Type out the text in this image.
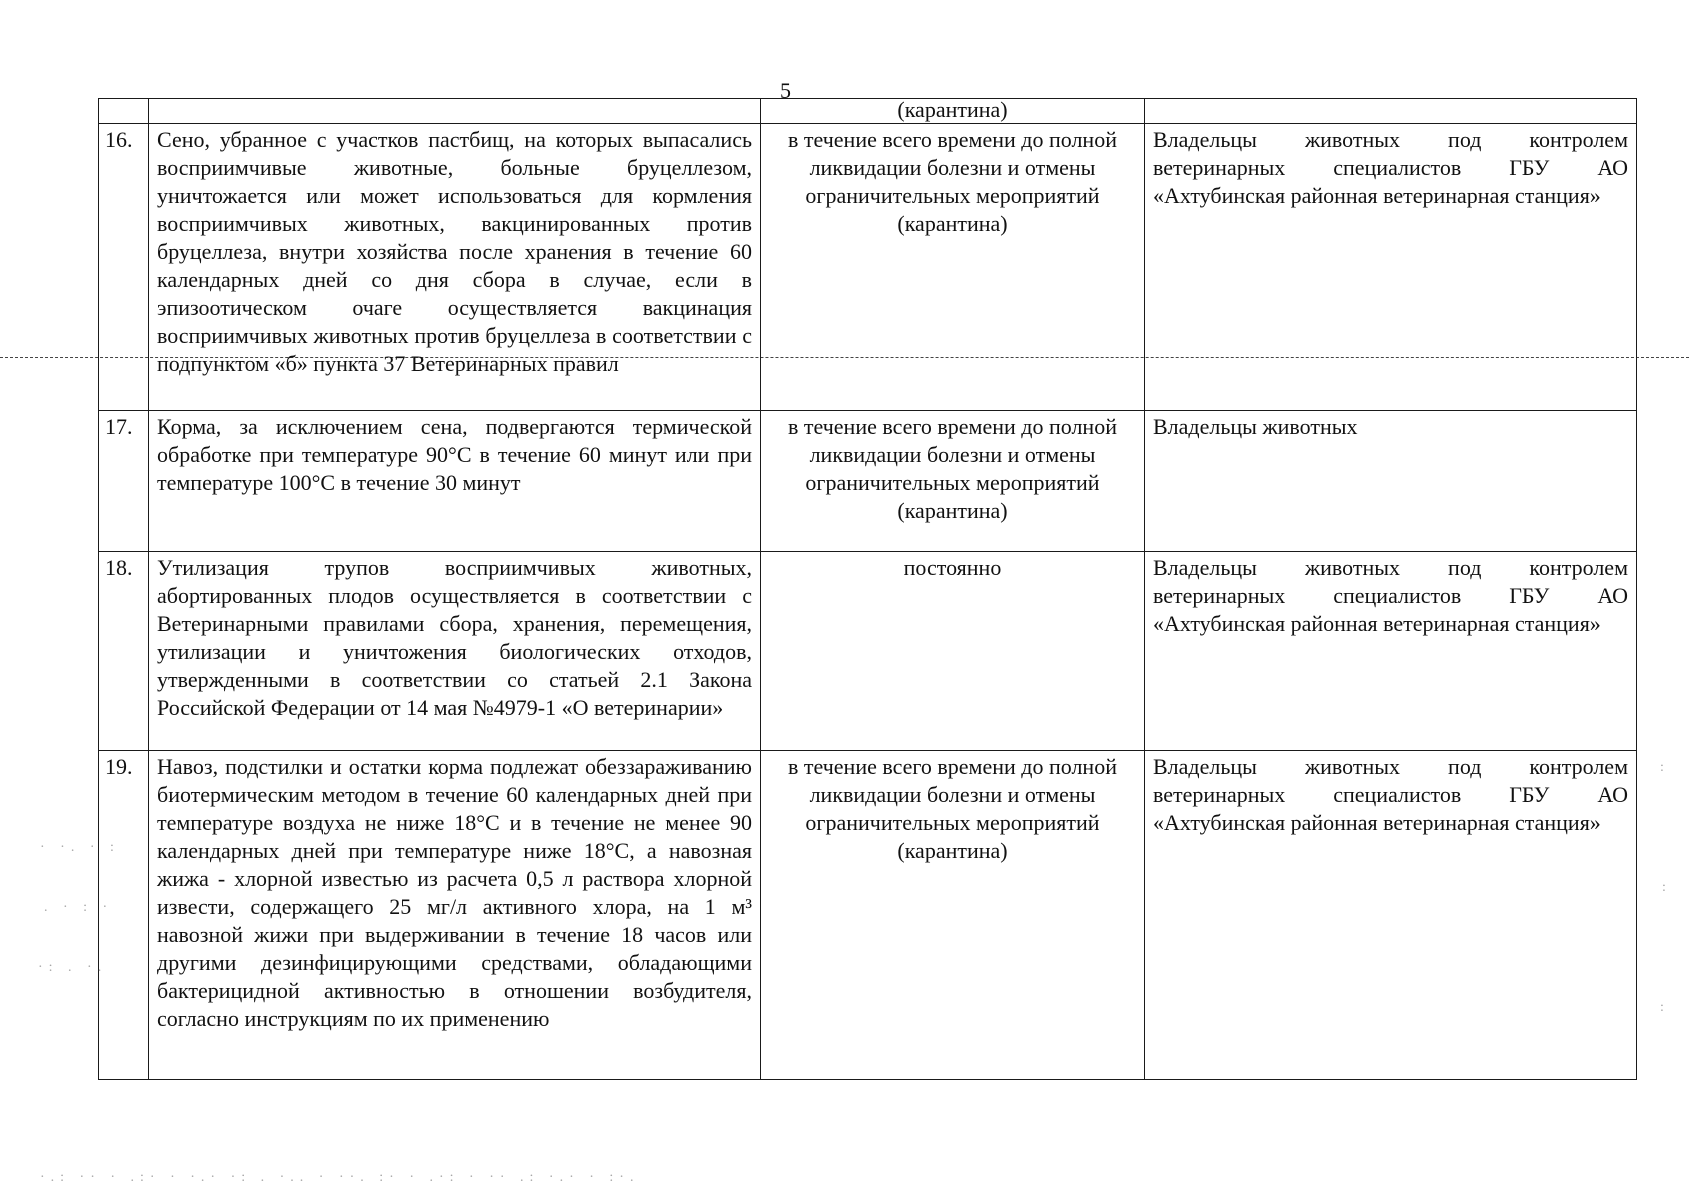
5
		(карантина)	
16.	Сено, убранное с участков пастбищ, на которых выпасались восприимчивые животные, больные бруцеллезом, уничтожается или может использоваться для кормления восприимчивых животных, вакцинированных против бруцеллеза, внутри хозяйства после хранения в течение 60 календарных дней со дня сбора в случае, если в эпизоотическом очаге осуществляется вакцинация восприимчивых животных против бруцеллеза в соответствии с подпунктом «б» пункта 37 Ветеринарных правил	в течение всего времени до полной ликвидации болезни и отмены ограничительных мероприятий (карантина)	Владельцы животных под контролем ветеринарных специалистов ГБУ АО «Ахтубинская районная ветеринарная станция»
17.	Корма, за исключением сена, подвергаются термической обработке при температуре 90°С в течение 60 минут или при температуре 100°С в течение 30 минут	в течение всего времени до полной ликвидации болезни и отмены ограничительных мероприятий (карантина)	Владельцы животных
18.	Утилизация трупов восприимчивых животных, абортированных плодов осуществляется в соответствии с Ветеринарными правилами сбора, хранения, перемещения, утилизации и уничтожения биологических отходов, утвержденными в соответствии со статьей 2.1 Закона Российской Федерации от 14 мая №4979-1 «О ветеринарии»	постоянно	Владельцы животных под контролем ветеринарных специалистов ГБУ АО «Ахтубинская районная ветеринарная станция»
19.	Навоз, подстилки и остатки корма подлежат обеззараживанию биотермическим методом в течение 60 календарных дней при температуре воздуха не ниже 18°С и в течение не менее 90 календарных дней при температуре ниже 18°С, а навозная жижа - хлорной известью из расчета 0,5 л раствора хлорной извести, содержащего 25 мг/л активного хлора, на 1 м³ навозной жижи при выдерживании в течение 18 часов или другими дезинфицирующими средствами, обладающими бактерицидной активностью в отношении возбудителя, согласно инструкциям по их применению	в течение всего времени до полной ликвидации болезни и отмены ограничительных мероприятий (карантина)	Владельцы животных под контролем ветеринарных специалистов ГБУ АО «Ахтубинская районная ветеринарная станция»
· ·. · :
. · : ·
·: . ·.
·.: ·· · .:· · ·.· ·: . ·.. · ··. :· · .·: · ·· .: ·.· · :·.
:
:
:
